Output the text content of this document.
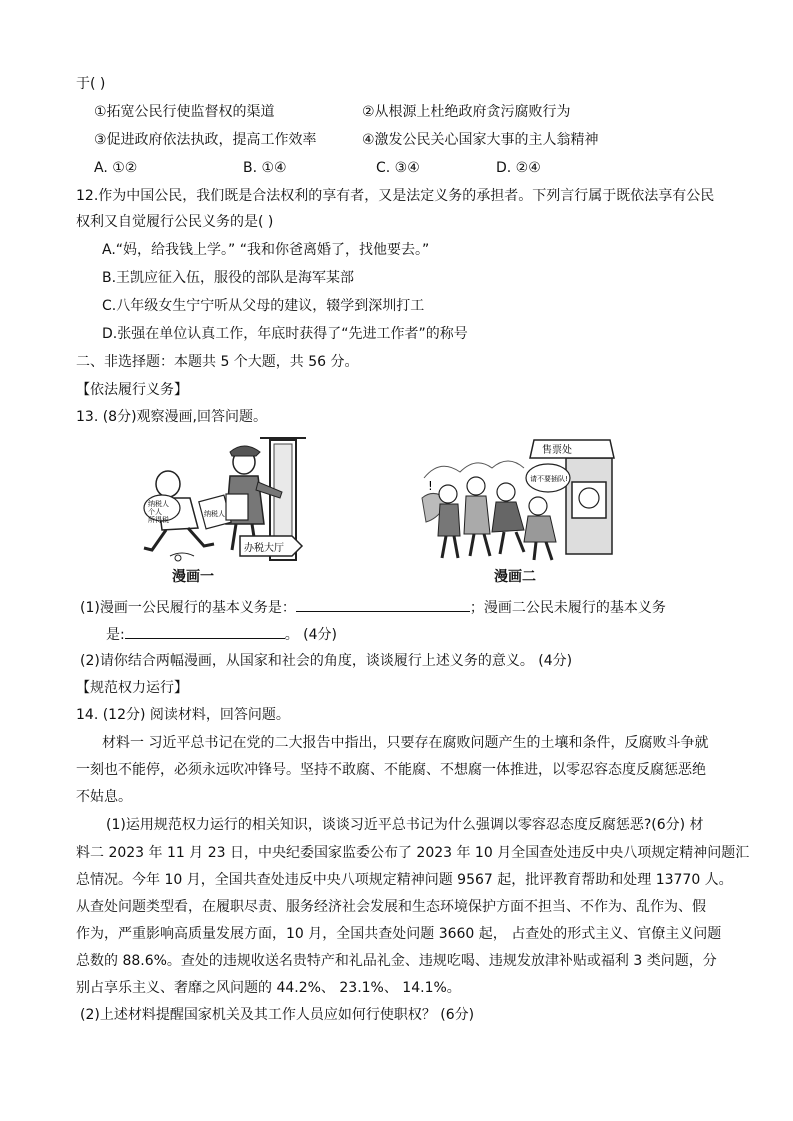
于( )
①拓宽公民行使监督权的渠道	②从根源上杜绝政府贪污腐败行为
③促进政府依法执政，提高工作效率	④激发公民关心国家大事的主人翁精神
A. ①②	B. ①④	C. ③④	D. ②④
12.作为中国公民，我们既是合法权利的享有者，又是法定义务的承担者。下列言行属于既依法享有公民
权利又自觉履行公民义务的是( )
A.“妈，给我钱上学。” “我和你爸离婚了，找他要去。”
B.王凯应征入伍，服役的部队是海军某部
C.八年级女生宁宁听从父母的建议，辍学到深圳打工
D.张强在单位认真工作，年底时获得了“先进工作者”的称号
二、非选择题：本题共 5 个大题，共 56 分。
【依法履行义务】
13. (8分)观察漫画,回答问题。
办税大厅
纳税人
个人
所得税
纳税人
漫画一
售票处
请不要插队!
!
漫画二
(1)漫画一公民履行的基本义务是：	；漫画二公民未履行的基本义务
是:	。 (4分)
(2)请你结合两幅漫画，从国家和社会的角度，谈谈履行上述义务的意义。 (4分)
【规范权力运行】
14. (12分) 阅读材料，回答问题。
材料一 习近平总书记在党的二大报告中指出，只要存在腐败问题产生的土壤和条件，反腐败斗争就
一刻也不能停，必须永远吹冲锋号。坚持不敢腐、不能腐、不想腐一体推进，以零忍容态度反腐惩恶绝
不姑息。
(1)运用规范权力运行的相关知识，谈谈习近平总书记为什么强调以零容忍态度反腐惩恶?(6分) 材
料二 2023 年 11 月 23 日，中央纪委国家监委公布了 2023 年 10 月全国查处违反中央八项规定精神问题汇
总情况。今年 10 月，全国共查处违反中央八项规定精神问题 9567 起，批评教育帮助和处理 13770 人。
从查处问题类型看，在履职尽责、服务经济社会发展和生态环境保护方面不担当、不作为、乱作为、假
作为，严重影响高质量发展方面，10 月，全国共查处问题 3660 起， 占查处的形式主义、官僚主义问题
总数的 88.6%。查处的违规收送名贵特产和礼品礼金、违规吃喝、违规发放津补贴或福利 3 类问题，分
别占享乐主义、奢靡之风问题的 44.2%、 23.1%、 14.1%。
(2)上述材料提醒国家机关及其工作人员应如何行使职权？ (6分)
